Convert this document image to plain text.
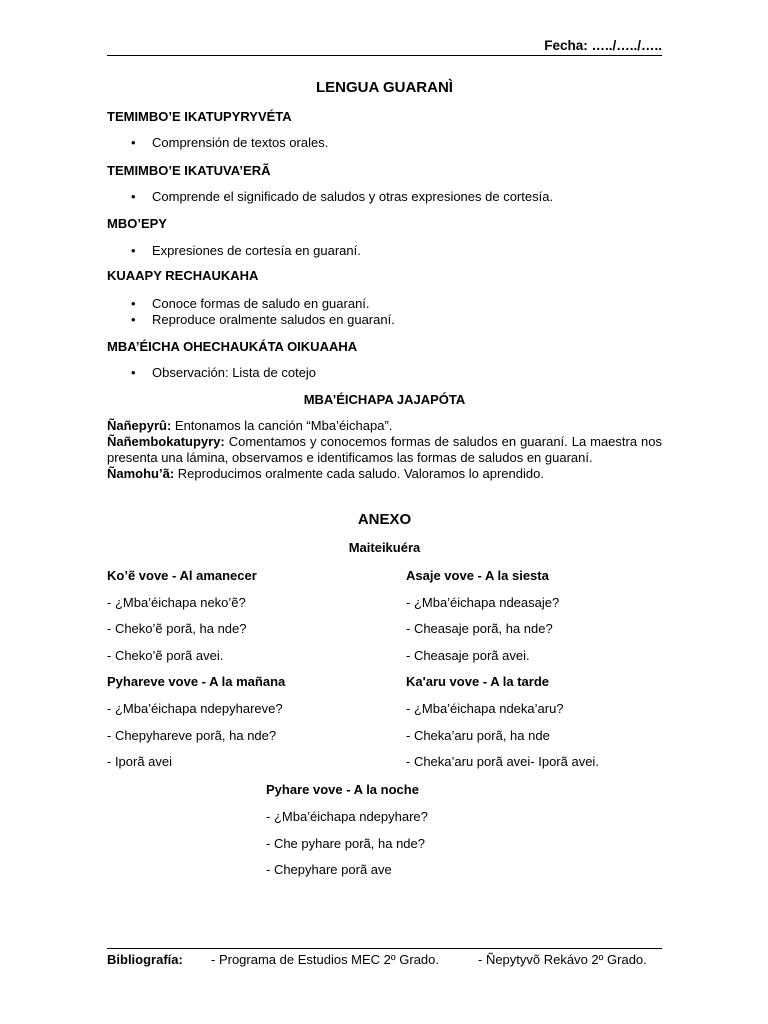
Fecha: …../…../…..
LENGUA GUARANÌ
TEMIMBO’E IKATUPYRYVÉTA
• Comprensión de textos orales.
TEMIMBO’E IKATUVA’ERÃ
• Comprende el significado de saludos y otras expresiones de cortesía.
MBO’EPY
• Expresiones de cortesía en guaraní.
KUAAPY RECHAUKAHA
• Conoce formas de saludo en guaraní.
• Reproduce oralmente saludos en guaraní.
MBA’ÉICHA OHECHAUKÁTA OIKUAAHA
• Observación: Lista de cotejo
MBA’ÉICHAPA JAJAPÓTA
Ñañepyrû: Entonamos la canción “Mba’éichapa”.
Ñañembokatupyry: Comentamos y conocemos formas de saludos en guaraní. La maestra nos presenta una lámina, observamos e identificamos las formas de saludos en guaraní.
Ñamohu’ã: Reproducimos oralmente cada saludo. Valoramos lo aprendido.
ANEXO
Maiteikuéra
Ko’ẽ vove - Al amanecer
- ¿Mba’éichapa neko’ẽ?
- Cheko’ẽ porã, ha nde?
- Cheko’ẽ porã avei.
Pyhareve vove - A la mañana
- ¿Mba’éichapa ndepyhareve?
- Chepyhareve porã, ha nde?
- Iporã avei
Asaje vove - A la siesta
- ¿Mba’éichapa ndeasaje?
- Cheasaje porã, ha nde?
- Cheasaje porã avei.
Ka'aru vove - A la tarde
- ¿Mba’éichapa ndeka’aru?
- Cheka’aru porã, ha nde
- Cheka’aru porã avei- Iporã avei.
Pyhare vove - A la noche
- ¿Mba’éichapa ndepyhare?
- Che pyhare porã, ha nde?
- Chepyhare porã ave
Bibliografía: - Programa de Estudios MEC 2º Grado.	- Ñepytyvõ Rekávo 2º Grado.
